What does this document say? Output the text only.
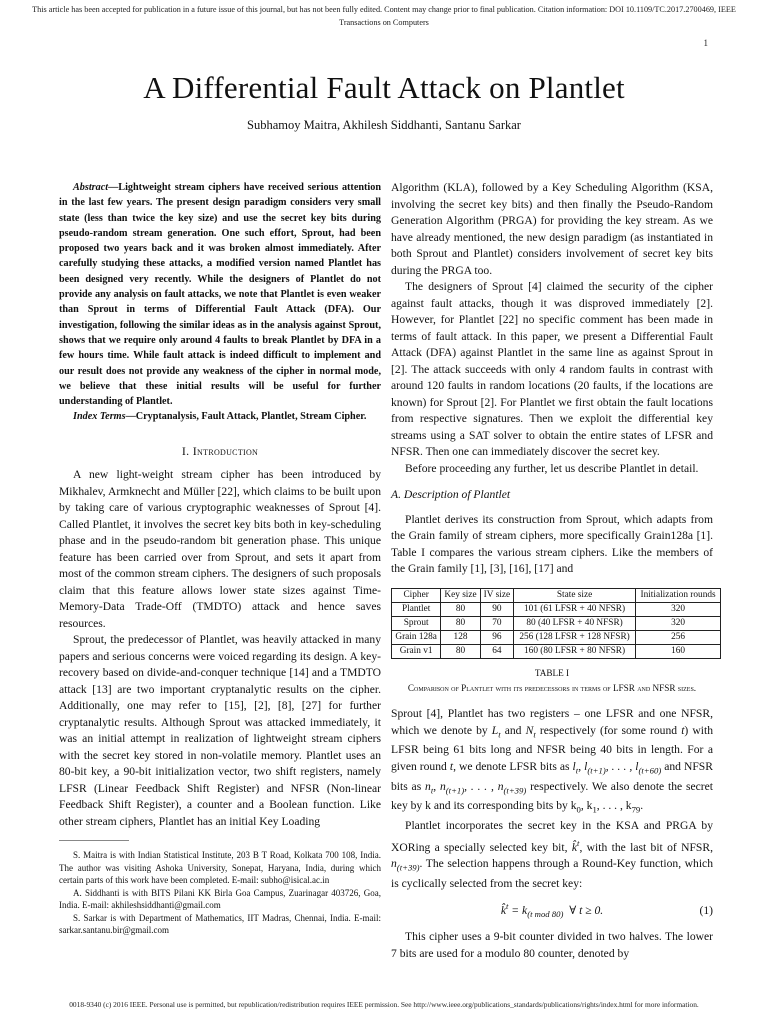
This article has been accepted for publication in a future issue of this journal, but has not been fully edited. Content may change prior to final publication. Citation information: DOI 10.1109/TC.2017.2700469, IEEE Transactions on Computers
1
A Differential Fault Attack on Plantlet
Subhamoy Maitra, Akhilesh Siddhanti, Santanu Sarkar

Abstract—Lightweight stream ciphers have received serious attention in the last few years. The present design paradigm considers very small state (less than twice the key size) and use the secret key bits during pseudo-random stream generation. One such effort, Sprout, had been proposed two years back and it was broken almost immediately. After carefully studying these attacks, a modified version named Plantlet has been designed very recently. While the designers of Plantlet do not provide any analysis on fault attacks, we note that Plantlet is even weaker than Sprout in terms of Differential Fault Attack (DFA). Our investigation, following the similar ideas as in the analysis against Sprout, shows that we require only around 4 faults to break Plantlet by DFA in a few hours time. While fault attack is indeed difficult to implement and our result does not provide any weakness of the cipher in normal mode, we believe that these initial results will be useful for further understanding of Plantlet.

Index Terms—Cryptanalysis, Fault Attack, Plantlet, Stream Cipher.

I. Introduction

A new light-weight stream cipher has been introduced by Mikhalev, Armknecht and Müller [22], which claims to be built upon by taking care of various cryptographic weaknesses of Sprout [4]. Called Plantlet, it involves the secret key bits both in key-scheduling phase and in the pseudo-random bit generation phase. This unique feature has been carried over from Sprout, and sets it apart from most of the common stream ciphers. The designers of such proposals claim that this feature allows lower state sizes against Time-Memory-Data Trade-Off (TMDTO) attack and hence saves resources.

Sprout, the predecessor of Plantlet, was heavily attacked in many papers and serious concerns were voiced regarding its design. A key-recovery based on divide-and-conquer technique [14] and a TMDTO attack [13] are two important cryptanalytic results on the cipher. Additionally, one may refer to [15], [2], [8], [27] for further cryptanalytic results. Although Sprout was attacked immediately, it was an initial attempt in realization of lightweight stream ciphers with the secret key stored in non-volatile memory. Plantlet uses an 80-bit key, a 90-bit initialization vector, two shift registers, namely LFSR (Linear Feedback Shift Register) and NFSR (Non-linear Feedback Shift Register), a counter and a Boolean function. Like other stream ciphers, Plantlet has an initial Key Loading

S. Maitra is with Indian Statistical Institute, 203 B T Road, Kolkata 700 108, India. The author was visiting Ashoka University, Sonepat, Haryana, India, during which certain parts of this work have been completed. E-mail: subho@isical.ac.in

A. Siddhanti is with BITS Pilani KK Birla Goa Campus, Zuarinagar 403726, Goa, India. E-mail: akhileshsiddhanti@gmail.com

S. Sarkar is with Department of Mathematics, IIT Madras, Chennai, India. E-mail: sarkar.santanu.bir@gmail.com

Algorithm (KLA), followed by a Key Scheduling Algorithm (KSA, involving the secret key bits) and then finally the Pseudo-Random Generation Algorithm (PRGA) for providing the key stream. As we have already mentioned, the new design paradigm (as instantiated in both Sprout and Plantlet) considers involvement of secret key bits during the PRGA too.

The designers of Sprout [4] claimed the security of the cipher against fault attacks, though it was disproved immediately [2]. However, for Plantlet [22] no specific comment has been made in terms of fault attack. In this paper, we present a Differential Fault Attack (DFA) against Plantlet in the same line as against Sprout in [2]. The attack succeeds with only 4 random faults in contrast with around 120 faults in random locations (20 faults, if the locations are known) for Sprout [2]. For Plantlet we first obtain the fault locations from respective signatures. Then we exploit the differential key streams using a SAT solver to obtain the entire states of LFSR and NFSR. Then one can immediately discover the secret key.

Before proceeding any further, let us describe Plantlet in detail.

A. Description of Plantlet

Plantlet derives its construction from Sprout, which adapts from the Grain family of stream ciphers, more specifically Grain128a [1]. Table I compares the various stream ciphers. Like the members of the Grain family [1], [3], [16], [17] and

Cipher	Key size	IV size	State size	Initialization rounds
Plantlet	80	90	101 (61 LFSR + 40 NFSR)	320
Sprout	80	70	80 (40 LFSR + 40 NFSR)	320
Grain 128a	128	96	256 (128 LFSR + 128 NFSR)	256
Grain v1	80	64	160 (80 LFSR + 80 NFSR)	160
TABLE I
Comparison of Plantlet with its predecessors in terms of LFSR and NFSR sizes.

Sprout [4], Plantlet has two registers – one LFSR and one NFSR, which we denote by $L_t$ and $N_t$ respectively (for some round t) with LFSR being 61 bits long and NFSR being 40 bits in length. For a given round t, we denote LFSR bits as $l_t$, $l_{(t+1)}$, . . . , $l_{(t+60)}$ and NFSR bits as $n_t$, $n_{(t+1)}$, . . . , $n_{(t+39)}$ respectively. We also denote the secret key by k and its corresponding bits by $k_0$, $k_1$, . . . , $k_{79}$.

Plantlet incorporates the secret key in the KSA and PRGA by XORing a specially selected key bit, k̂$^t$, with the last bit of NFSR, $n_{(t+39)}$. The selection happens through a Round-Key function, which is cyclically selected from the secret key:

k̂$^t$ = $k_{(t mod 80)}$  ∀ t ≥ 0.	(1)

This cipher uses a 9-bit counter divided in two halves. The lower 7 bits are used for a modulo 80 counter, denoted by

0018-9340 (c) 2016 IEEE. Personal use is permitted, but republication/redistribution requires IEEE permission. See http://www.ieee.org/publications_standards/publications/rights/index.html for more information.
